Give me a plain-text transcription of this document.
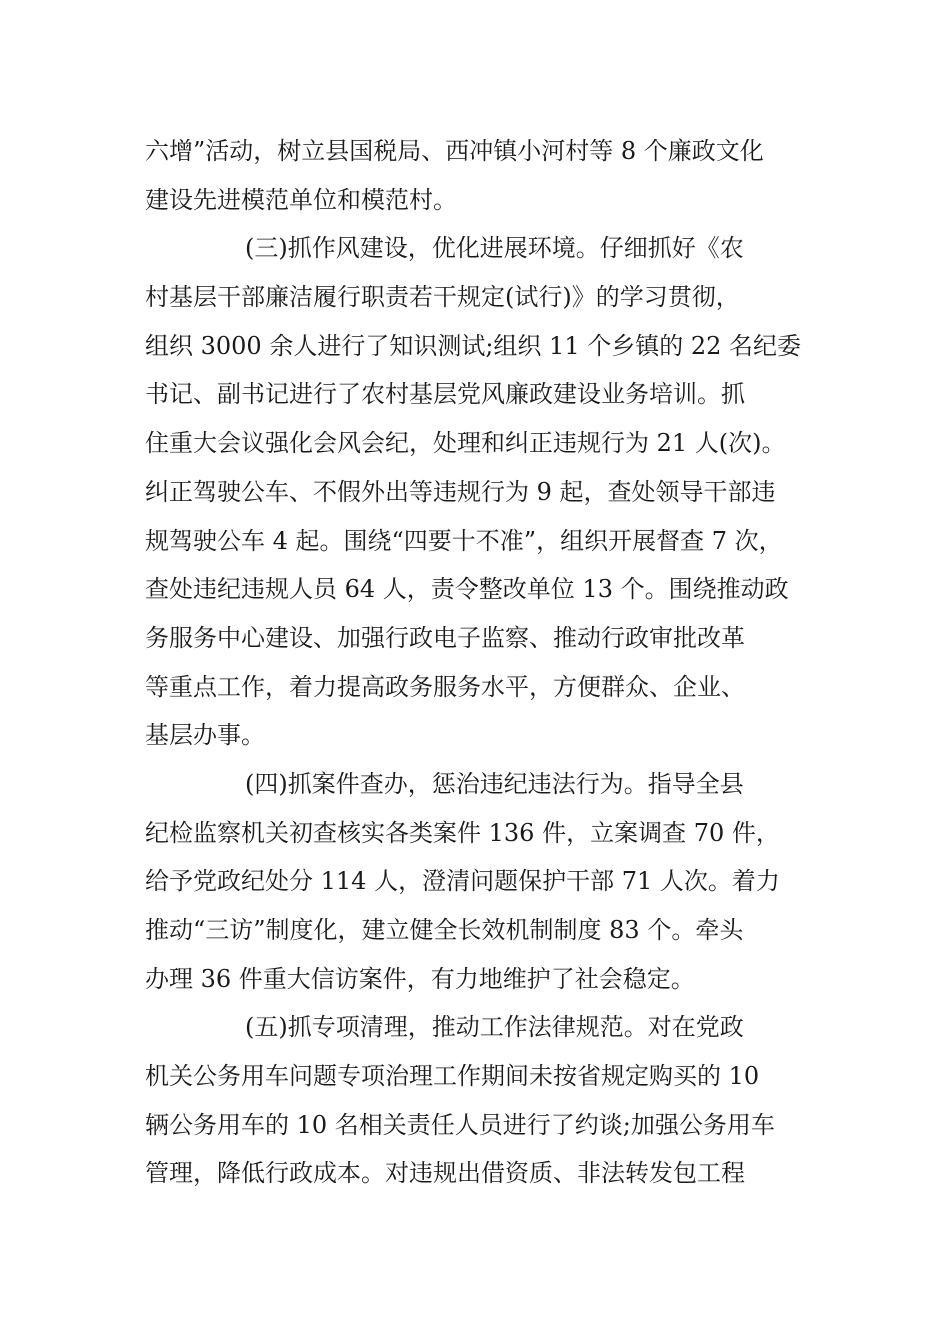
六增”活动，树立县国税局、西冲镇小河村等 8 个廉政文化
建设先进模范单位和模范村。
(三)抓作风建设，优化进展环境。仔细抓好《农
村基层干部廉洁履行职责若干规定(试行)》的学习贯彻，
组织 3000 余人进行了知识测试;组织 11 个乡镇的 22 名纪委
书记、副书记进行了农村基层党风廉政建设业务培训。抓
住重大会议强化会风会纪，处理和纠正违规行为 21 人(次)。
纠正驾驶公车、不假外出等违规行为 9 起，查处领导干部违
规驾驶公车 4 起。围绕“四要十不准”，组织开展督查 7 次，
查处违纪违规人员 64 人，责令整改单位 13 个。围绕推动政
务服务中心建设、加强行政电子监察、推动行政审批改革
等重点工作，着力提高政务服务水平，方便群众、企业、
基层办事。
(四)抓案件查办，惩治违纪违法行为。指导全县
纪检监察机关初查核实各类案件 136 件，立案调查 70 件，
给予党政纪处分 114 人，澄清问题保护干部 71 人次。着力
推动“三访”制度化，建立健全长效机制制度 83 个。牵头
办理 36 件重大信访案件，有力地维护了社会稳定。
(五)抓专项清理，推动工作法律规范。对在党政
机关公务用车问题专项治理工作期间未按省规定购买的 10
辆公务用车的 10 名相关责任人员进行了约谈;加强公务用车
管理，降低行政成本。对违规出借资质、非法转发包工程
